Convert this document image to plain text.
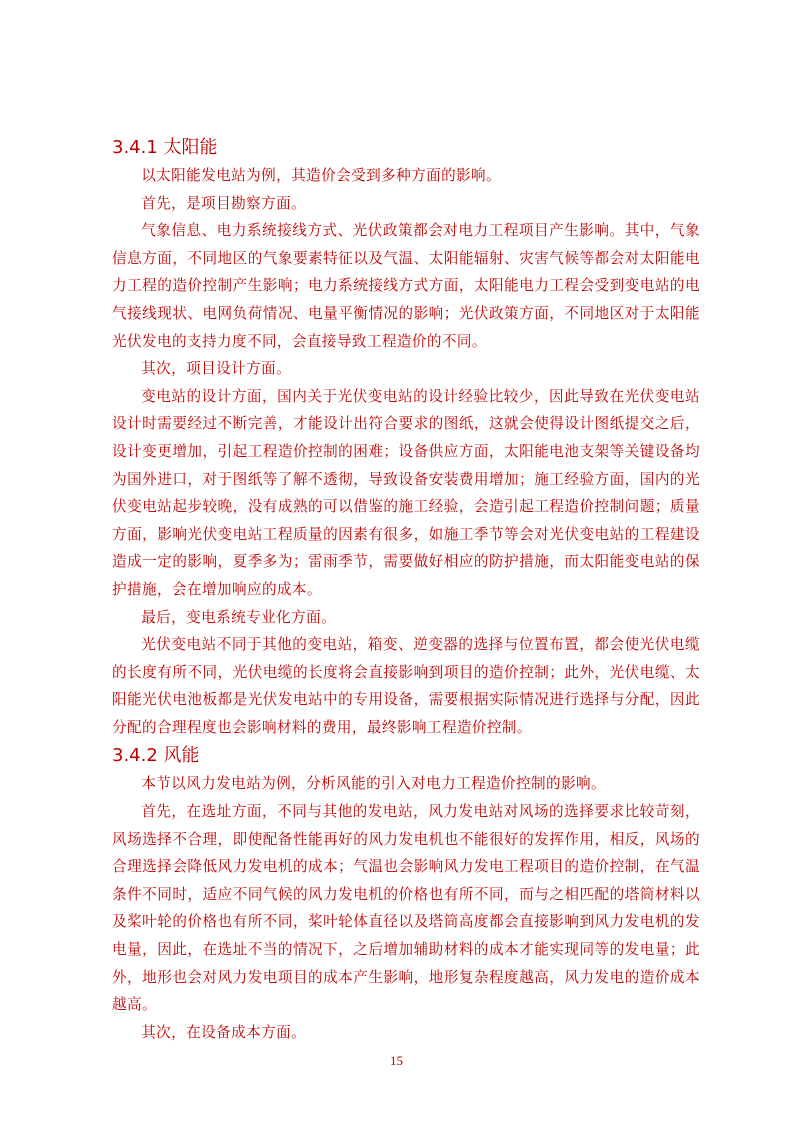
3.4.1 太阳能

以太阳能发电站为例，其造价会受到多种方面的影响。

首先，是项目勘察方面。

气象信息、电力系统接线方式、光伏政策都会对电力工程项目产生影响。其中，气象信息方面，不同地区的气象要素特征以及气温、太阳能辐射、灾害气候等都会对太阳能电力工程的造价控制产生影响；电力系统接线方式方面，太阳能电力工程会受到变电站的电气接线现状、电网负荷情况、电量平衡情况的影响；光伏政策方面，不同地区对于太阳能光伏发电的支持力度不同，会直接导致工程造价的不同。

其次，项目设计方面。

变电站的设计方面，国内关于光伏变电站的设计经验比较少，因此导致在光伏变电站设计时需要经过不断完善，才能设计出符合要求的图纸，这就会使得设计图纸提交之后，设计变更增加，引起工程造价控制的困难；设备供应方面，太阳能电池支架等关键设备均为国外进口，对于图纸等了解不透彻，导致设备安装费用增加；施工经验方面，国内的光伏变电站起步较晚，没有成熟的可以借鉴的施工经验，会造引起工程造价控制问题；质量方面，影响光伏变电站工程质量的因素有很多，如施工季节等会对光伏变电站的工程建设造成一定的影响，夏季多为；雷雨季节，需要做好相应的防护措施，而太阳能变电站的保护措施，会在增加响应的成本。

最后，变电系统专业化方面。

光伏变电站不同于其他的变电站，箱变、逆变器的选择与位置布置，都会使光伏电缆的长度有所不同，光伏电缆的长度将会直接影响到项目的造价控制；此外，光伏电缆、太阳能光伏电池板都是光伏发电站中的专用设备，需要根据实际情况进行选择与分配，因此分配的合理程度也会影响材料的费用，最终影响工程造价控制。

3.4.2 风能

本节以风力发电站为例，分析风能的引入对电力工程造价控制的影响。

首先，在选址方面，不同与其他的发电站，风力发电站对风场的选择要求比较苛刻，风场选择不合理，即使配备性能再好的风力发电机也不能很好的发挥作用，相反，风场的合理选择会降低风力发电机的成本；气温也会影响风力发电工程项目的造价控制，在气温条件不同时，适应不同气候的风力发电机的价格也有所不同，而与之相匹配的塔筒材料以及桨叶轮的价格也有所不同，桨叶轮体直径以及塔筒高度都会直接影响到风力发电机的发电量，因此，在选址不当的情况下，之后增加辅助材料的成本才能实现同等的发电量；此外，地形也会对风力发电项目的成本产生影响，地形复杂程度越高，风力发电的造价成本越高。

其次，在设备成本方面。

15
